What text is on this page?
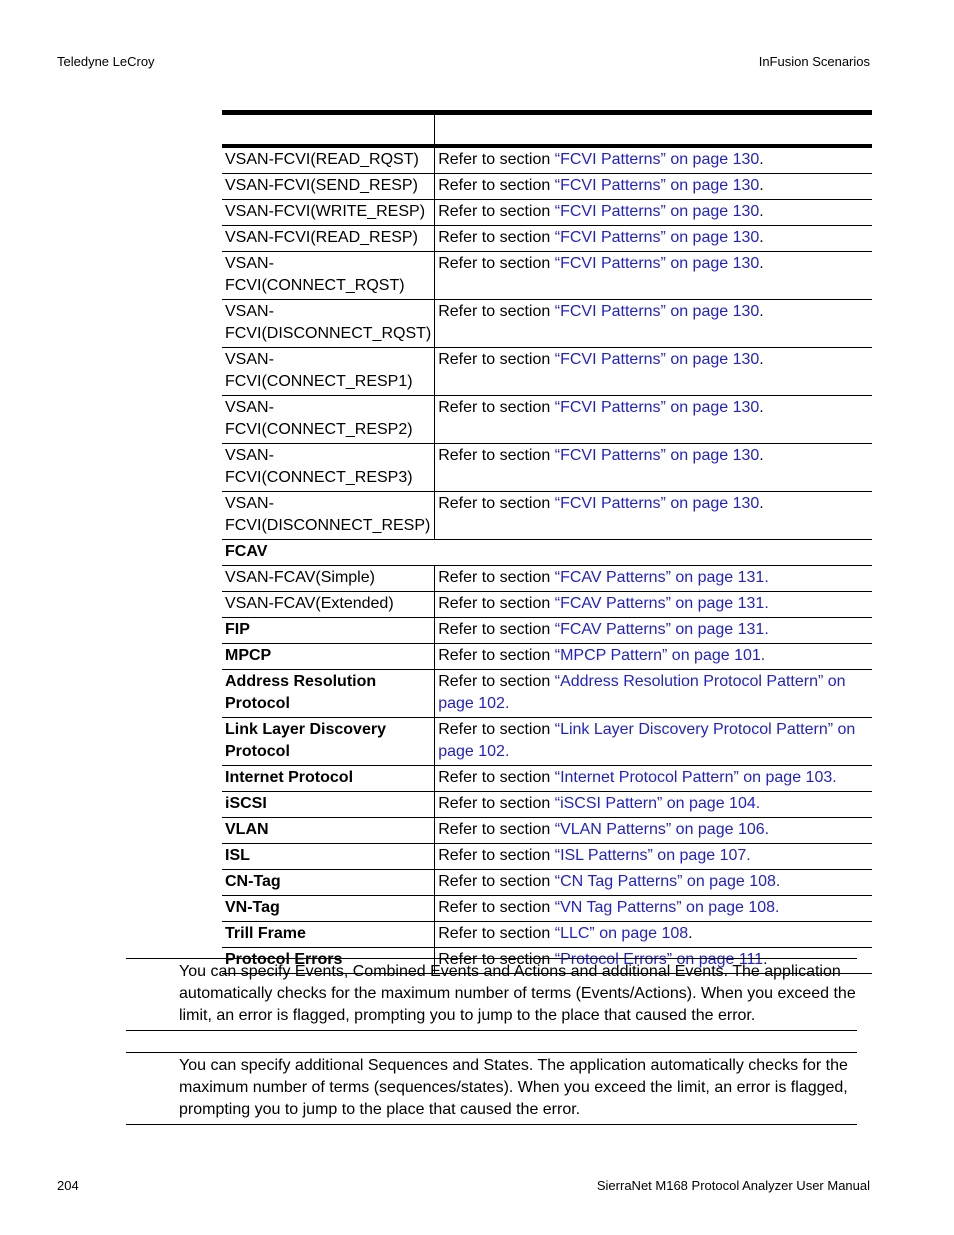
Teledyne LeCroy	InFusion Scenarios

VSAN-FCVI(READ_RQST)	Refer to section “FCVI Patterns” on page 130.
VSAN-FCVI(SEND_RESP)	Refer to section “FCVI Patterns” on page 130.
VSAN-FCVI(WRITE_RESP)	Refer to section “FCVI Patterns” on page 130.
VSAN-FCVI(READ_RESP)	Refer to section “FCVI Patterns” on page 130.
VSAN-FCVI(CONNECT_RQST)	Refer to section “FCVI Patterns” on page 130.
VSAN-FCVI(DISCONNECT_RQST)	Refer to section “FCVI Patterns” on page 130.
VSAN-FCVI(CONNECT_RESP1)	Refer to section “FCVI Patterns” on page 130.
VSAN-FCVI(CONNECT_RESP2)	Refer to section “FCVI Patterns” on page 130.
VSAN-FCVI(CONNECT_RESP3)	Refer to section “FCVI Patterns” on page 130.
VSAN-FCVI(DISCONNECT_RESP)	Refer to section “FCVI Patterns” on page 130.
FCAV	
VSAN-FCAV(Simple)	Refer to section “FCAV Patterns” on page 131.
VSAN-FCAV(Extended)	Refer to section “FCAV Patterns” on page 131.
FIP	Refer to section “FCAV Patterns” on page 131.
MPCP	Refer to section “MPCP Pattern” on page 101.
Address Resolution Protocol	Refer to section “Address Resolution Protocol Pattern” on page 102.
Link Layer Discovery Protocol	Refer to section “Link Layer Discovery Protocol Pattern” on page 102.
Internet Protocol	Refer to section “Internet Protocol Pattern” on page 103.
iSCSI	Refer to section “iSCSI Pattern” on page 104.
VLAN	Refer to section “VLAN Patterns” on page 106.
ISL	Refer to section “ISL Patterns” on page 107.
CN-Tag	Refer to section “CN Tag Patterns” on page 108.
VN-Tag	Refer to section “VN Tag Patterns” on page 108.
Trill Frame	Refer to section “LLC” on page 108.
Protocol Errors	Refer to section “Protocol Errors” on page 111.
You can specify Events, Combined Events and Actions and additional Events. The application automatically checks for the maximum number of terms (Events/Actions). When you exceed the limit, an error is flagged, prompting you to jump to the place that caused the error.
You can specify additional Sequences and States. The application automatically checks for the maximum number of terms (sequences/states). When you exceed the limit, an error is flagged, prompting you to jump to the place that caused the error.
204	SierraNet M168 Protocol Analyzer User Manual
